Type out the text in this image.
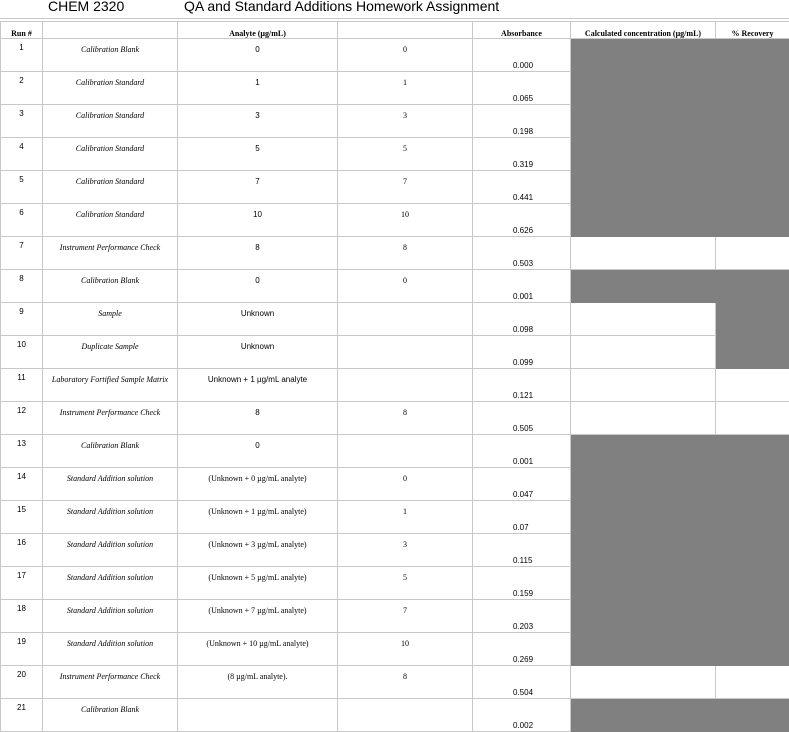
CHEM 2320	QA and Standard Additions Homework Assignment
Run #		Analyte (µg/mL)		Absorbance	Calculated concentration (µg/mL)	% Recovery
1	Calibration Blank	0	0	0.000		
2	Calibration Standard	1	1	0.065		
3	Calibration Standard	3	3	0.198		
4	Calibration Standard	5	5	0.319		
5	Calibration Standard	7	7	0.441		
6	Calibration Standard	10	10	0.626		
7	Instrument Performance Check	8	8	0.503		
8	Calibration Blank	0	0	0.001		
9	Sample	Unknown		0.098		
10	Duplicate Sample	Unknown		0.099		
11	Laboratory Fortified Sample Matrix	Unknown + 1 µg/mL analyte		0.121		
12	Instrument Performance Check	8	8	0.505		
13	Calibration Blank	0		0.001		
14	Standard Addition solution	(Unknown + 0 µg/mL analyte)	0	0.047		
15	Standard Addition solution	(Unknown + 1 µg/mL analyte)	1	0.07		
16	Standard Addition solution	(Unknown + 3 µg/mL analyte)	3	0.115		
17	Standard Addition solution	(Unknown + 5 µg/mL analyte)	5	0.159		
18	Standard Addition solution	(Unknown + 7 µg/mL analyte)	7	0.203		
19	Standard Addition solution	(Unknown + 10 µg/mL analyte)	10	0.269		
20	Instrument Performance Check	(8 µg/mL analyte).	8	0.504		
21	Calibration Blank			0.002		
